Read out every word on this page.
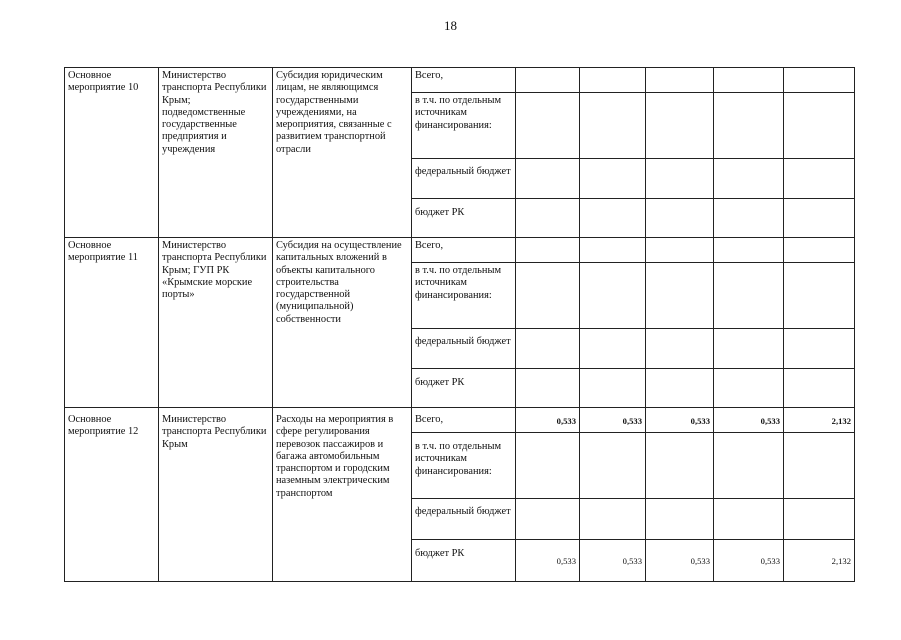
18
Основное мероприятие 10	Министерство транспорта Республики Крым; подведомственные государственные предприятия и учреждения	Субсидия юридическим лицам, не являющимся государственными учреждениями, на мероприятия, связанные с развитием транспортной отрасли	Всего,					
			в т.ч. по отдельным источникам финансирования:					
			федеральный бюджет					
			бюджет РК					
Основное мероприятие 11	Министерство транспорта Республики Крым; ГУП РК «Крымские морские порты»	Субсидия на осуществление капитальных вложений в объекты капитального строительства государственной (муниципальной) собственности	Всего,					
			в т.ч. по отдельным источникам финансирования:					
			федеральный бюджет					
			бюджет РК					
Основное мероприятие 12	Министерство транспорта Республики Крым	Расходы на мероприятия в сфере регулирования перевозок пассажиров и багажа автомобильным транспортом и городским наземным электрическим транспортом	Всего,	0,533	0,533	0,533	0,533	2,132
			в т.ч. по отдельным источникам финансирования:					
			федеральный бюджет					
			бюджет РК	0,533	0,533	0,533	0,533	2,132
